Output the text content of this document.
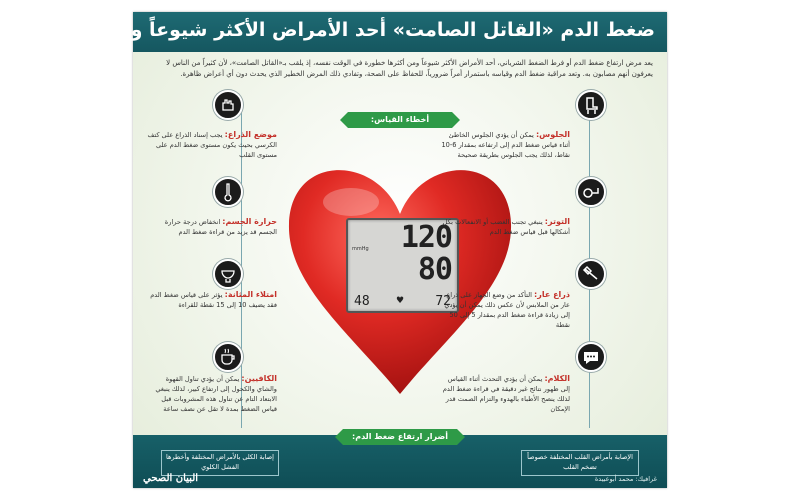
ضغط الدم «القاتل الصامت» أحد الأمراض الأكثر شيوعاً وخطورة
يعد مرض ارتفاع ضغط الدم أو فرط الضغط الشرياني، أحد الأمراض الأكثر شيوعاً ومن أكثرها خطورة في الوقت نفسه، إذ يلقب بـ«القاتل الصامت»، لأن كثيراً من الناس لا يعرفون أنهم مصابون به. وتعد مراقبة ضغط الدم وقياسه باستمرار أمراً ضرورياً، للحفاظ على الصحة، وتفادي ذلك المرض الخطير الذي يحدث دون أي أعراض ظاهرة.
أخطاء القياس:
mmHg 120
80
48	♥ 72
الجلوس: يمكن أن يؤدي الجلوس الخاطئ أثناء قياس ضغط الدم إلى ارتفاعه بمقدار 6-10 نقاط، لذلك يجب الجلوس بطريقة صحيحة
التوتر: ينبغي تجنب الغضب أو الانفعالات بكل أشكالها قبل قياس ضغط الدم
ذراع عار: التأكد من وضع الجهاز على ذراع عار من الملابس لأن عكس ذلك يمكن أن يؤدي إلى زيادة قراءة ضغط الدم بمقدار 5 إلى 50 نقطة
الكلام: يمكن أن يؤدي التحدث أثناء القياس إلى ظهور نتائج غير دقيقة في قراءة ضغط الدم لذلك ينصح الأطباء بالهدوء والتزام الصمت قدر الإمكان
موضع الذراع: يجب إسناد الذراع على كتف الكرسي بحيث يكون مستوى ضغط الدم على مستوى القلب
حرارة الجسم: انخفاض درجة حرارة الجسم قد يزيد من قراءة ضغط الدم
امتلاء المثانة: يؤثر على قياس ضغط الدم فقد يضيف 10 إلى 15 نقطة للقراءة
الكافيين: يمكن أن يؤدي تناول القهوة والشاي والكحول إلى ارتفاع كبير، لذلك ينبغي الابتعاد التام عن تناول هذه المشروبات قبل قياس الضغط بمدة لا تقل عن نصف ساعة
أضرار ارتفاع ضغط الدم:
إصابة الكلى بالأمراض المختلفة وأخطرها الفشل الكلوي
الإصابة بأمراض القلب المختلفة خصوصاً تضخم القلب
البيان الصحي	غرافيك: محمد أبوعبيدة
